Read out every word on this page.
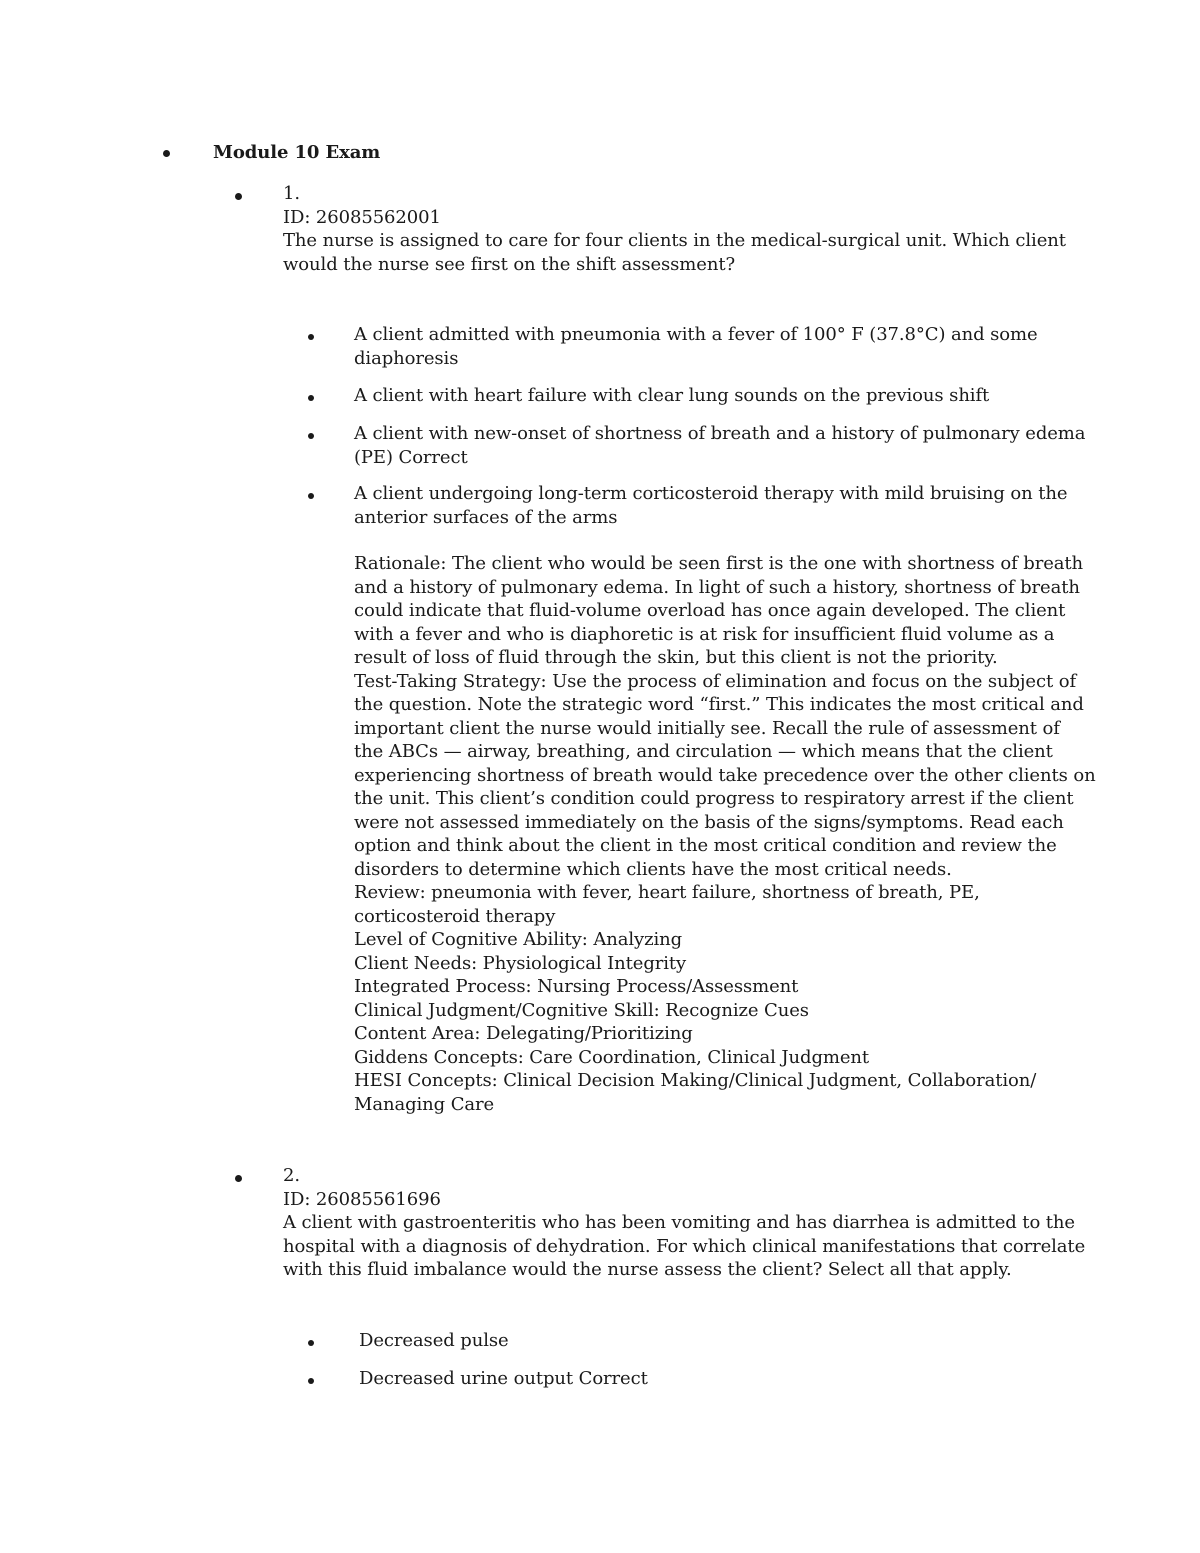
Module 10 Exam
1.
ID: 26085562001
The nurse is assigned to care for four clients in the medical-surgical unit. Which client
would the nurse see first on the shift assessment?
A client admitted with pneumonia with a fever of 100° F (37.8°C) and some
diaphoresis
A client with heart failure with clear lung sounds on the previous shift
A client with new-onset of shortness of breath and a history of pulmonary edema
(PE) Correct
A client undergoing long-term corticosteroid therapy with mild bruising on the
anterior surfaces of the arms
Rationale: The client who would be seen first is the one with shortness of breath
and a history of pulmonary edema. In light of such a history, shortness of breath
could indicate that fluid-volume overload has once again developed. The client
with a fever and who is diaphoretic is at risk for insufficient fluid volume as a
result of loss of fluid through the skin, but this client is not the priority.
Test-Taking Strategy: Use the process of elimination and focus on the subject of
the question. Note the strategic word “first.” This indicates the most critical and
important client the nurse would initially see. Recall the rule of assessment of
the ABCs — airway, breathing, and circulation — which means that the client
experiencing shortness of breath would take precedence over the other clients on
the unit. This client’s condition could progress to respiratory arrest if the client
were not assessed immediately on the basis of the signs/symptoms. Read each
option and think about the client in the most critical condition and review the
disorders to determine which clients have the most critical needs.
Review: pneumonia with fever, heart failure, shortness of breath, PE,
corticosteroid therapy
Level of Cognitive Ability: Analyzing
Client Needs: Physiological Integrity
Integrated Process: Nursing Process/Assessment
Clinical Judgment/Cognitive Skill: Recognize Cues
Content Area: Delegating/Prioritizing
Giddens Concepts: Care Coordination, Clinical Judgment
HESI Concepts: Clinical Decision Making/Clinical Judgment, Collaboration/
Managing Care
2.
ID: 26085561696
A client with gastroenteritis who has been vomiting and has diarrhea is admitted to the
hospital with a diagnosis of dehydration. For which clinical manifestations that correlate
with this fluid imbalance would the nurse assess the client? Select all that apply.
Decreased pulse
Decreased urine output Correct
